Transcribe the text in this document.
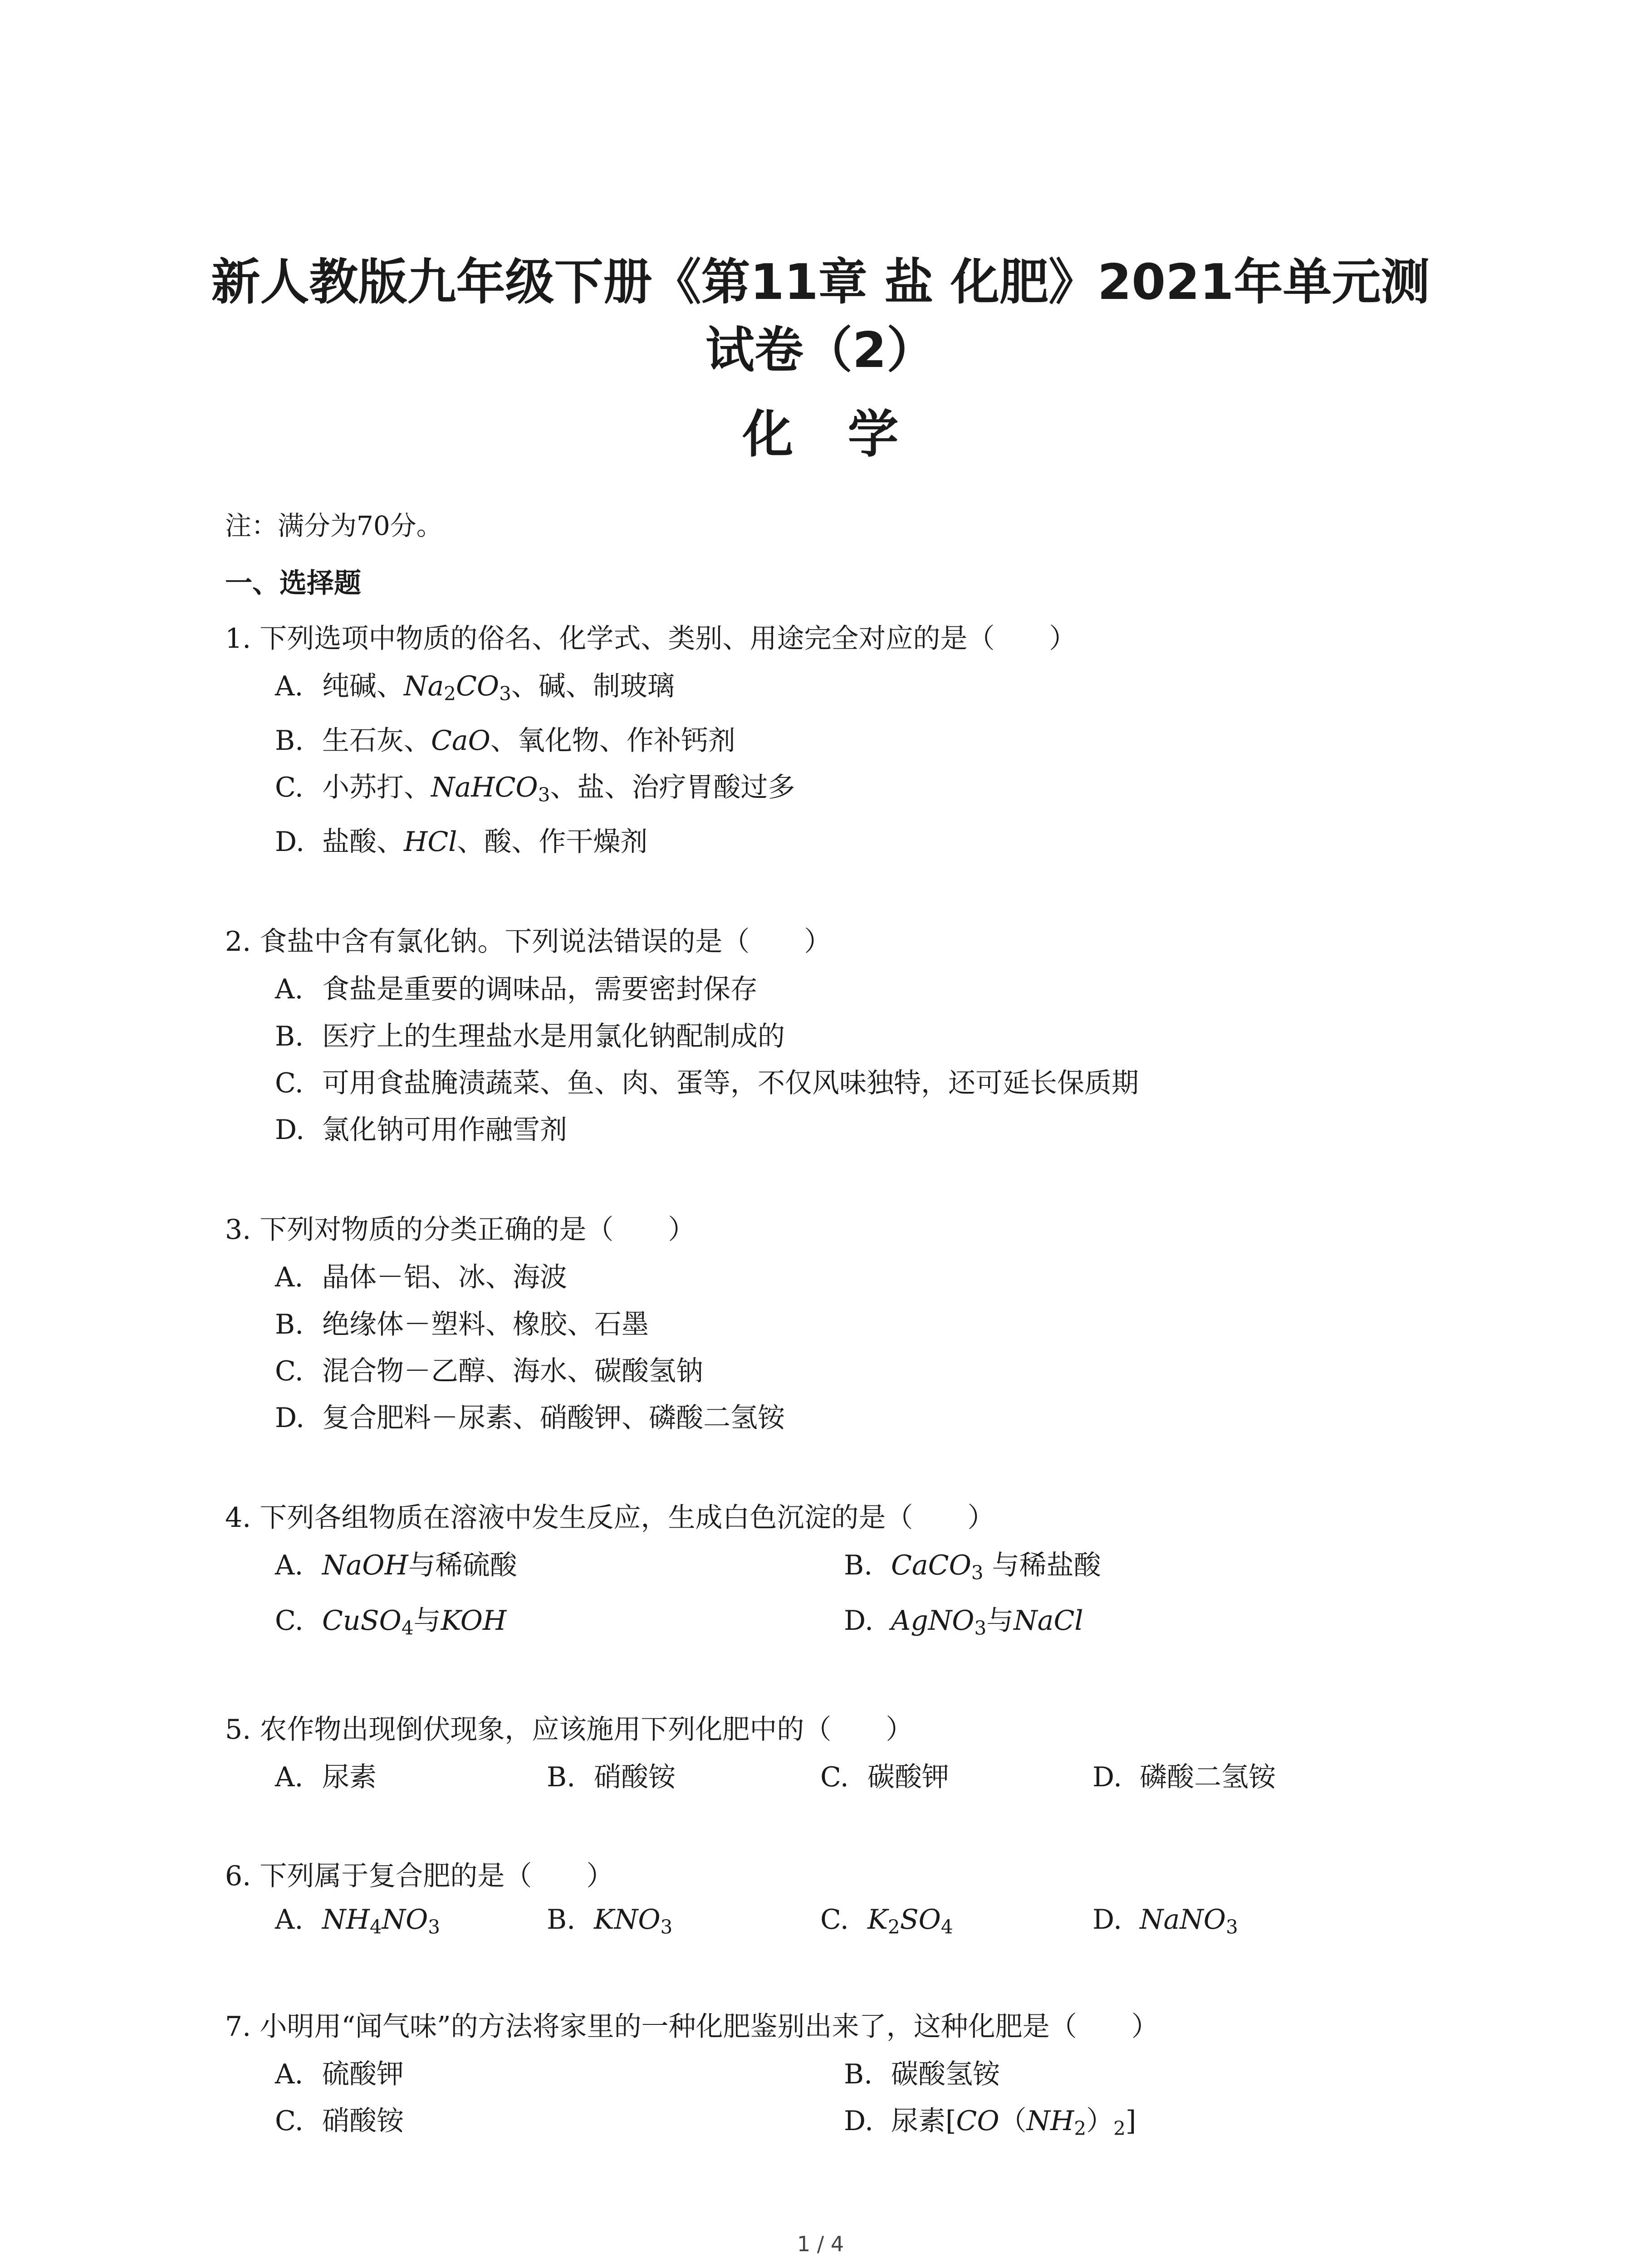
新人教版九年级下册《第11章 盐 化肥》2021年单元测
试卷（2）
化学
注：满分为70分。
一、选择题
1. 下列选项中物质的俗名、化学式、类别、用途完全对应的是（　　）
A. 纯碱、$Na_2CO_3$、碱、制玻璃
B. 生石灰、CaO、氧化物、作补钙剂
C. 小苏打、NaHCO$_3$、盐、治疗胃酸过多
D. 盐酸、HCl、酸、作干燥剂
2. 食盐中含有氯化钠。下列说法错误的是（　　）
A. 食盐是重要的调味品，需要密封保存
B. 医疗上的生理盐水是用氯化钠配制成的
C. 可用食盐腌渍蔬菜、鱼、肉、蛋等，不仅风味独特，还可延长保质期
D. 氯化钠可用作融雪剂
3. 下列对物质的分类正确的是（　　）
A. 晶体－铝、冰、海波
B. 绝缘体－塑料、橡胶、石墨
C. 混合物－乙醇、海水、碳酸氢钠
D. 复合肥料－尿素、硝酸钾、磷酸二氢铵
4. 下列各组物质在溶液中发生反应，生成白色沉淀的是（　　）
A. NaOH与稀硫酸	B. CaCO$_3$ 与稀盐酸
C. CuSO$_4$与KOH	D. AgNO$_3$与NaCl
5. 农作物出现倒伏现象，应该施用下列化肥中的（　　）
A. 尿素	B. 硝酸铵	C. 碳酸钾	D. 磷酸二氢铵
6. 下列属于复合肥的是（　　）
A. $NH_4NO_3$	B. $KNO_3$	C. $K_2SO_4$	D. NaNO$_3$
7. 小明用“闻气味”的方法将家里的一种化肥鉴别出来了，这种化肥是（　　）
A. 硫酸钾	B. 碳酸氢铵
C. 硝酸铵	D. 尿素$[CO(NH_2)_2]$
1 / 4
